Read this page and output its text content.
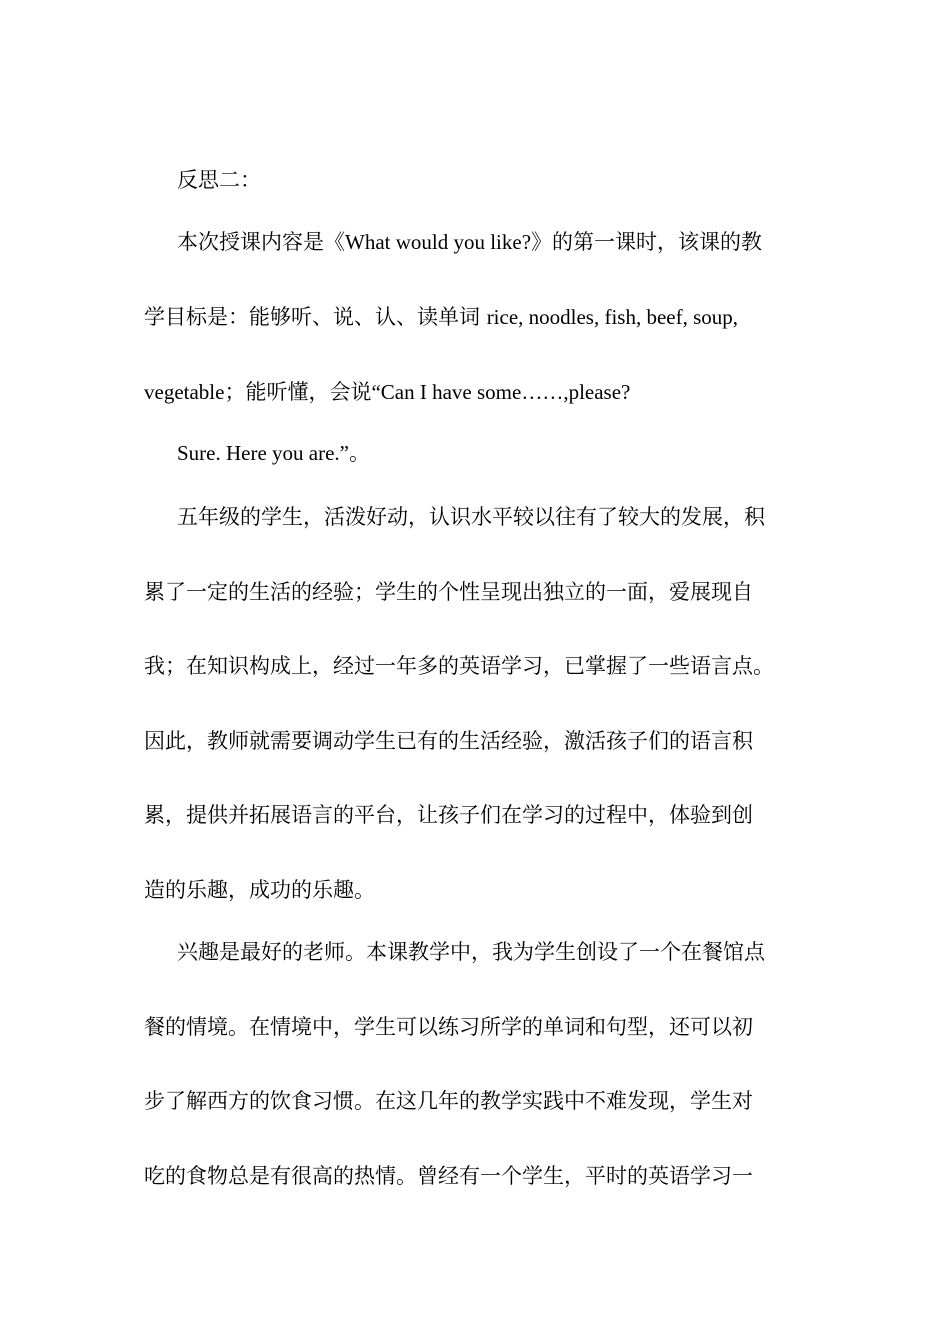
反思二：
本次授课内容是《What would you like?》的第一课时，该课的教
学目标是：能够听、说、认、读单词 rice, noodles, fish, beef, soup,
vegetable；能听懂，会说“Can I have some……,please?
Sure. Here you are.”。
五年级的学生，活泼好动，认识水平较以往有了较大的发展，积
累了一定的生活的经验；学生的个性呈现出独立的一面，爱展现自
我；在知识构成上，经过一年多的英语学习，已掌握了一些语言点。
因此，教师就需要调动学生已有的生活经验，激活孩子们的语言积
累，提供并拓展语言的平台，让孩子们在学习的过程中，体验到创
造的乐趣，成功的乐趣。
兴趣是最好的老师。本课教学中，我为学生创设了一个在餐馆点
餐的情境。在情境中，学生可以练习所学的单词和句型，还可以初
步了解西方的饮食习惯。在这几年的教学实践中不难发现，学生对
吃的食物总是有很高的热情。曾经有一个学生，平时的英语学习一
